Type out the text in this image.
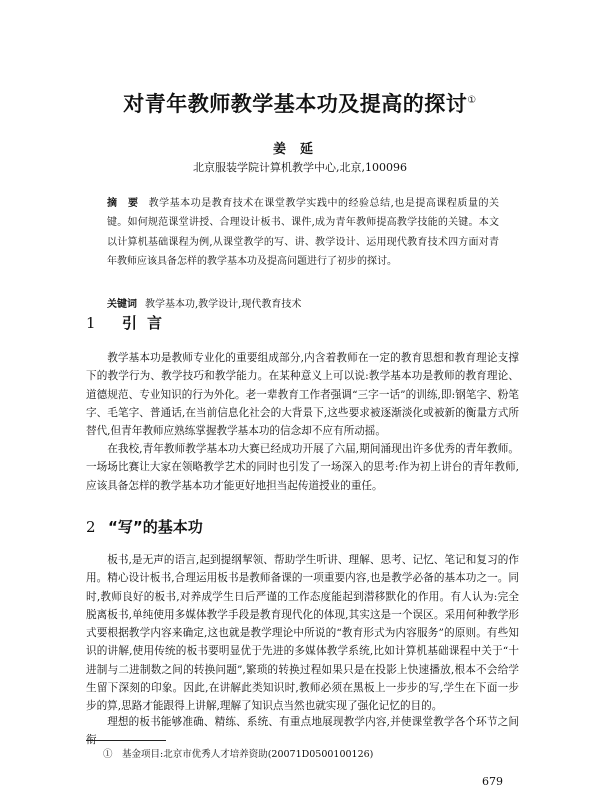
对青年教师教学基本功及提高的探讨①
姜延
北京服装学院计算机教学中心,北京,100096
摘　要 教学基本功是教育技术在课堂教学实践中的经验总结,也是提高课程质量的关键。如何规范课堂讲授、合理设计板书、课件,成为青年教师提高教学技能的关键。本文以计算机基础课程为例,从课堂教学的写、讲、教学设计、运用现代教育技术四方面对青年教师应该具备怎样的教学基本功及提高问题进行了初步的探讨。
关键词 教学基本功,教学设计,现代教育技术
1 引言
教学基本功是教师专业化的重要组成部分,内含着教师在一定的教育思想和教育理论支撑下的教学行为、教学技巧和教学能力。在某种意义上可以说:教学基本功是教师的教育理论、道德规范、专业知识的行为外化。老一辈教育工作者强调“三字一话”的训练,即:钢笔字、粉笔字、毛笔字、普通话,在当前信息化社会的大背景下,这些要求被逐渐淡化或被新的衡量方式所替代,但青年教师应熟练掌握教学基本功的信念却不应有所动摇。
在我校,青年教师教学基本功大赛已经成功开展了六届,期间涌现出许多优秀的青年教师。一场场比赛让大家在领略教学艺术的同时也引发了一场深入的思考:作为初上讲台的青年教师,应该具备怎样的教学基本功才能更好地担当起传道授业的重任。
2 “写”的基本功
板书,是无声的语言,起到提纲挈领、帮助学生听讲、理解、思考、记忆、笔记和复习的作用。精心设计板书,合理运用板书是教师备课的一项重要内容,也是教学必备的基本功之一。同时,教师良好的板书,对养成学生日后严谨的工作态度能起到潜移默化的作用。有人认为:完全脱离板书,单纯使用多媒体教学手段是教育现代化的体现,其实这是一个误区。采用何种教学形式要根据教学内容来确定,这也就是教学理论中所说的“教育形式为内容服务”的原则。有些知识的讲解,使用传统的板书要明显优于先进的多媒体教学系统,比如计算机基础课程中关于“十进制与二进制数之间的转换问题”,繁琐的转换过程如果只是在投影上快速播放,根本不会给学生留下深刻的印象。因此,在讲解此类知识时,教师必须在黑板上一步步的写,学生在下面一步步的算,思路才能跟得上讲解,理解了知识点当然也就实现了强化记忆的目的。
理想的板书能够准确、精练、系统、有重点地展现教学内容,并使课堂教学各个环节之间衔
①　基金项目:北京市优秀人才培养资助(20071D0500100126)
679
